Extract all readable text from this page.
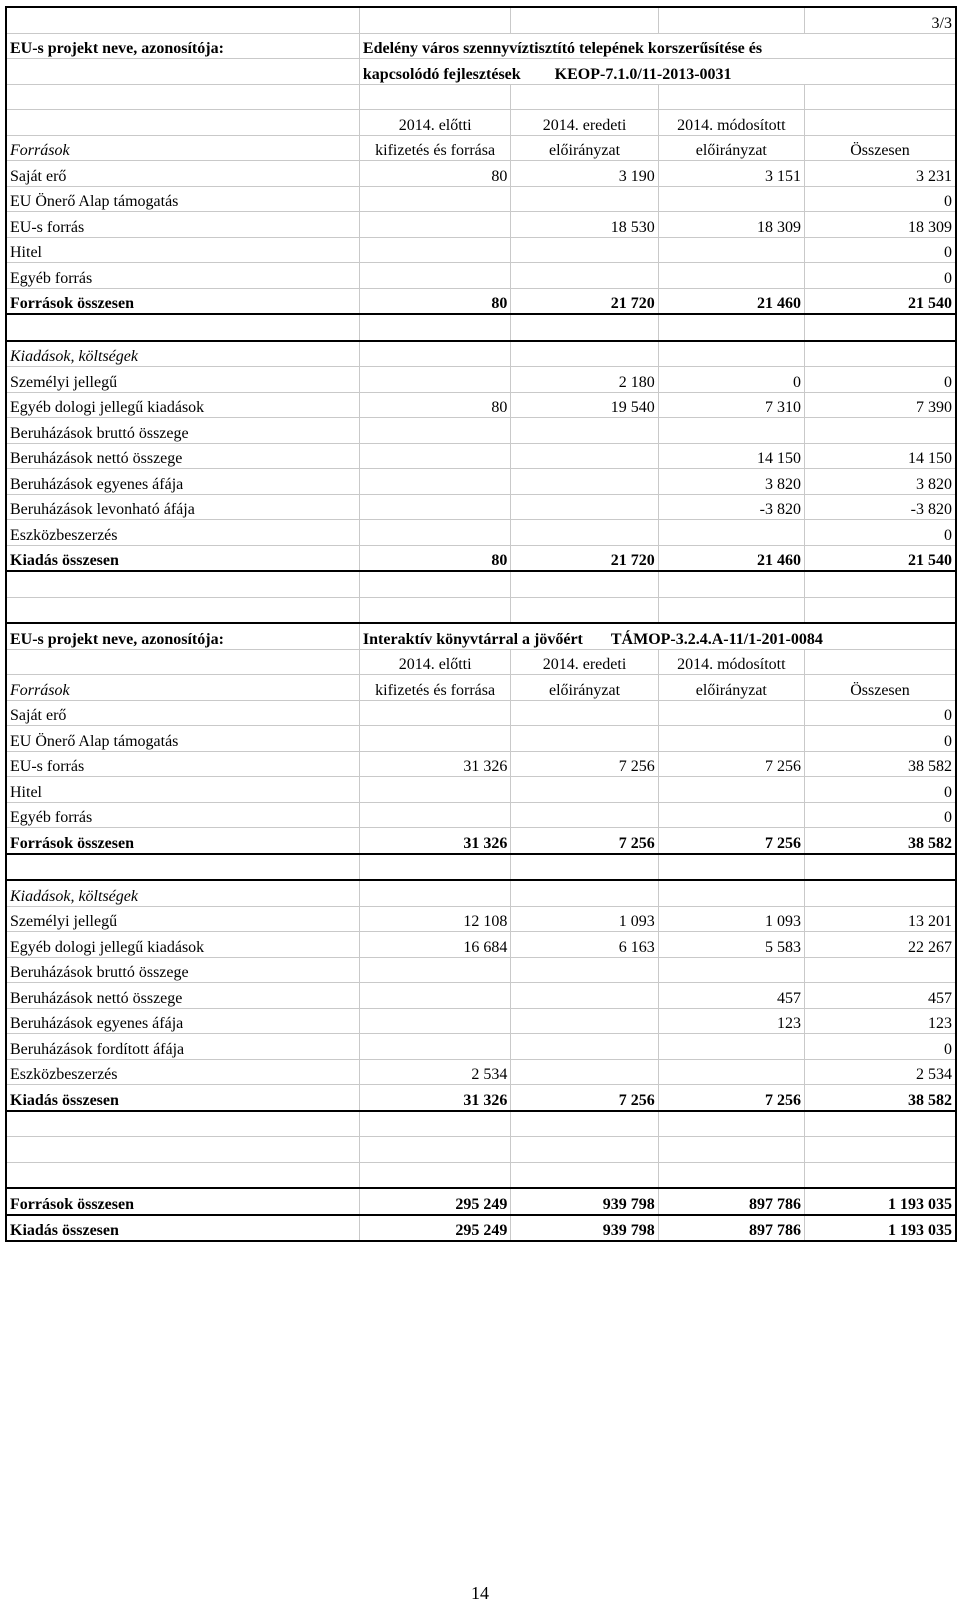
				3/3
EU-s projekt neve, azonosítója:	Edelény város szennyvíztisztító telepének korszerűsítése és			
	kapcsolódó fejlesztések KEOP-7.1.0/11-2013-0031			

	2014. előtti	2014. eredeti	2014. módosított	
Források	kifizetés és forrása	előirányzat	előirányzat	Összesen
Saját erő	80	3 190	3 151	3 231
EU Önerő Alap támogatás				0
EU-s forrás		18 530	18 309	18 309
Hitel				0
Egyéb forrás				0
Források összesen	80	21 720	21 460	21 540

Kiadások, költségek				
Személyi jellegű		2 180	0	0
Egyéb dologi jellegű kiadások	80	19 540	7 310	7 390
Beruházások bruttó összege				
Beruházások nettó összege			14 150	14 150
Beruházások egyenes áfája			3 820	3 820
Beruházások levonható áfája			-3 820	-3 820
Eszközbeszerzés				0
Kiadás összesen	80	21 720	21 460	21 540

EU-s projekt neve, azonosítója:	Interaktív könyvtárral a jövőért TÁMOP-3.2.4.A-11/1-201-0084			
	2014. előtti	2014. eredeti	2014. módosított	
Források	kifizetés és forrása	előirányzat	előirányzat	Összesen
Saját erő				0
EU Önerő Alap támogatás				0
EU-s forrás	31 326	7 256	7 256	38 582
Hitel				0
Egyéb forrás				0
Források összesen	31 326	7 256	7 256	38 582

Kiadások, költségek				
Személyi jellegű	12 108	1 093	1 093	13 201
Egyéb dologi jellegű kiadások	16 684	6 163	5 583	22 267
Beruházások bruttó összege				
Beruházások nettó összege			457	457
Beruházások egyenes áfája			123	123
Beruházások fordított áfája				0
Eszközbeszerzés	2 534			2 534
Kiadás összesen	31 326	7 256	7 256	38 582

Források összesen	295 249	939 798	897 786	1 193 035
Kiadás összesen	295 249	939 798	897 786	1 193 035
14
